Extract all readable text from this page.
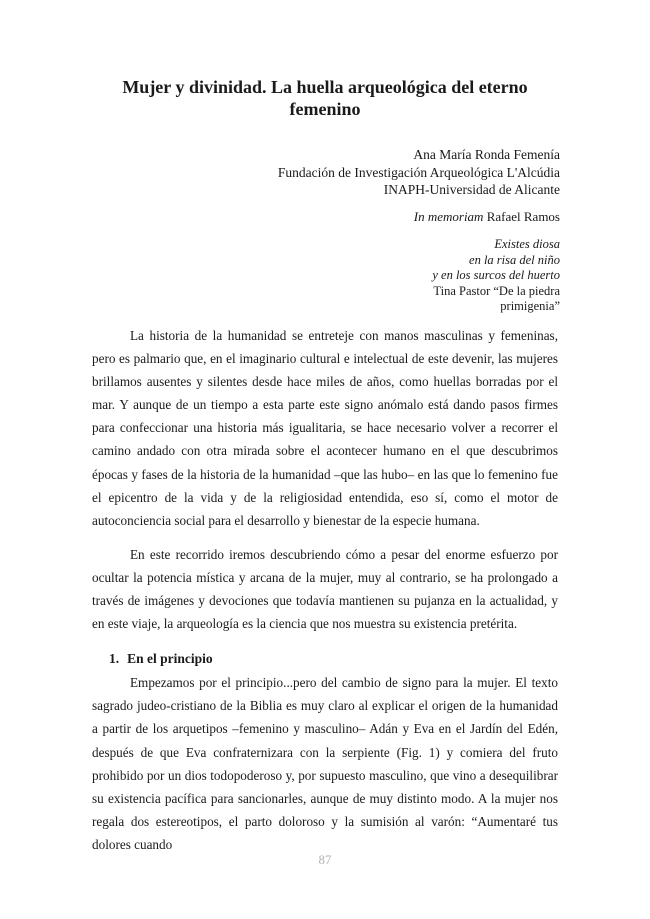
Mujer y divinidad. La huella arqueológica del eterno
femenino
Ana María Ronda Femenía
Fundación de Investigación Arqueológica L'Alcúdia
INAPH-Universidad de Alicante
In memoriam Rafael Ramos
Existes diosa
en la risa del niño
y en los surcos del huerto
Tina Pastor “De la piedra
primigenia”

La historia de la humanidad se entreteje con manos masculinas y femeninas, pero es palmario que, en el imaginario cultural e intelectual de este devenir, las mujeres brillamos ausentes y silentes desde hace miles de años, como huellas borradas por el mar. Y aunque de un tiempo a esta parte este signo anómalo está dando pasos firmes para confeccionar una historia más igualitaria, se hace necesario volver a recorrer el camino andado con otra mirada sobre el acontecer humano en el que descubrimos épocas y fases de la historia de la humanidad –que las hubo– en las que lo femenino fue el epicentro de la vida y de la religiosidad entendida, eso sí, como el motor de autoconciencia social para el desarrollo y bienestar de la especie humana.

En este recorrido iremos descubriendo cómo a pesar del enorme esfuerzo por ocultar la potencia mística y arcana de la mujer, muy al contrario, se ha prolongado a través de imágenes y devociones que todavía mantienen su pujanza en la actualidad, y en este viaje, la arqueología es la ciencia que nos muestra su existencia pretérita.

1. En el principio

Empezamos por el principio...pero del cambio de signo para la mujer. El texto sagrado judeo-cristiano de la Biblia es muy claro al explicar el origen de la humanidad a partir de los arquetipos –femenino y masculino– Adán y Eva en el Jardín del Edén, después de que Eva confraternizara con la serpiente (Fig. 1) y comiera del fruto prohibido por un dios todopoderoso y, por supuesto masculino, que vino a desequilibrar su existencia pacífica para sancionarles, aunque de muy distinto modo. A la mujer nos regala dos estereotipos, el parto doloroso y la sumisión al varón: “Aumentaré tus dolores cuando

87
